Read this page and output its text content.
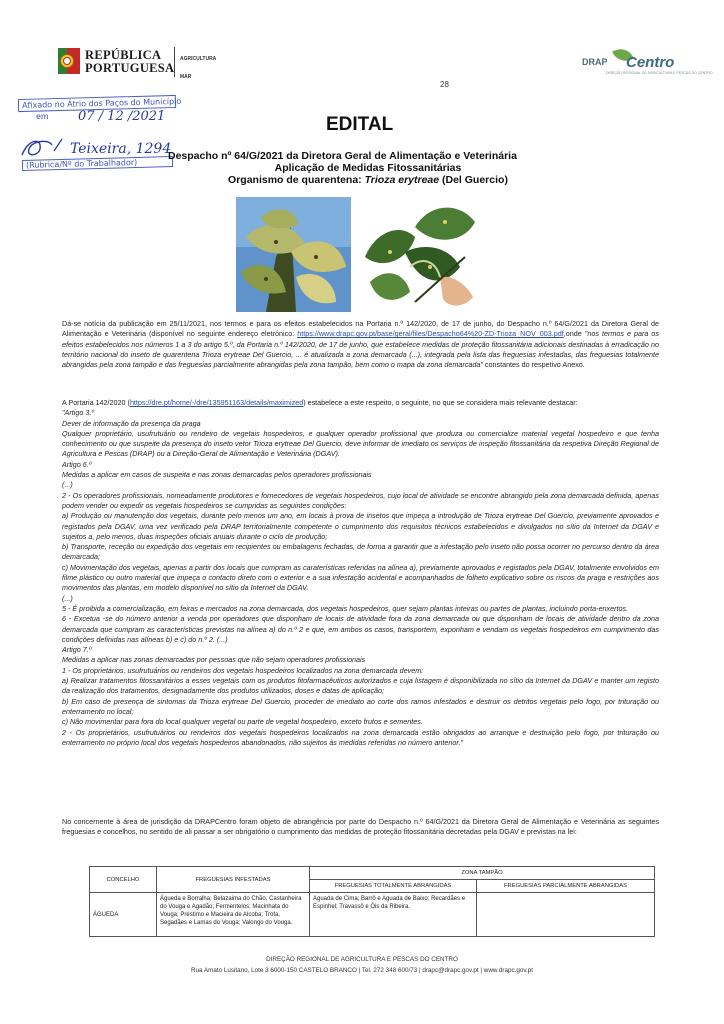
REPÚBLICA
PORTUGUESA
AGRICULTURA
MAR
DRAP Centro
DIREÇÃO REGIONAL DE AGRICULTURA E PESCAS DO CENTRO
28
Afixado no Átrio dos Paços do Município
em 07 / 12 /2021
Teixeira, 1294
(Rubrica/Nº do Trabalhador)
EDITAL
Despacho nº 64/G/2021 da Diretora Geral de Alimentação e Veterinária
Aplicação de Medidas Fitossanitárias
Organismo de quarentena: Trioza erytreae (Del Guercio)

Dá-se notícia da publicação em 25/11/2021, nos termos e para os efeitos estabelecidos na Portaria n.º 142/2020, de 17 de junho, do Despacho n.º 64/G/2021 da Diretora Geral de Alimentação e Veterinária (disponível no seguinte endereço eletrónico: https://www.drapc.gov.pt/base/geral/files/Despacho64%20-ZD-Trioza_NOV_003.pdf,onde "nos termos e para os efeitos estabelecidos nos números 1 a 3 do artigo 5.º, da Portaria n.º 142/2020, de 17 de junho, que estabelece medidas de proteção fitossanitária adicionais destinadas à erradicação no território nacional do inseto de quarentena Trioza erytreae Del Guercio, ... é atualizada a zona demarcada (...), integrada pela lista das freguesias infestadas, das freguesias totalmente abrangidas pela zona tampão e das freguesias parcialmente abrangidas pela zona tampão, bem como o mapa da zona demarcada" constantes do respetivo Anexo.

A Portaria 142/2020 (https://dre.pt/home/-/dre/135951163/details/maximized) estabelece a este respeito, o seguinte, no que se considera mais relevante destacar:

"Artigo 3.º
Dever de informação da presença da praga
Qualquer proprietário, usufrutuário ou rendeiro de vegetais hospedeiros, e qualquer operador profissional que produza ou comercialize material vegetal hospedeiro e que tenha conhecimento ou que suspeite da presença do inseto vetor Trioza erytreae Del Guercio, deve informar de imediato os serviços de inspeção fitossanitária da respetiva Direção Regional de Agricultura e Pescas (DRAP) ou a Direção-Geral de Alimentação e Veterinária (DGAV).
Artigo 6.º
Medidas a aplicar em casos de suspeita e nas zonas demarcadas pelos operadores profissionais
(...)
2 - Os operadores profissionais, nomeadamente produtores e fornecedores de vegetais hospedeiros, cujo local de atividade se encontre abrangido pela zona demarcada definida, apenas podem vender ou expedir os vegetais hospedeiros se cumpridas as seguintes condições:
a) Produção ou manutenção dos vegetais, durante pelo menos um ano, em locais à prova de insetos que impeça a introdução de Trioza erytreae Del Guercio, previamente aprovados e registados pela DGAV, uma vez verificado pela DRAP territorialmente competente o cumprimento dos requisitos técnicos estabelecidos e divulgados no sítio da Internet da DGAV e sujeitos a, pelo menos, duas inspeções oficiais anuais durante o ciclo de produção;
b) Transporte, receção ou expedição dos vegetais em recipientes ou embalagens fechadas, de forma a garantir que a infestação pelo inseto não possa ocorrer no percurso dentro da área demarcada;
c) Movimentação dos vegetais, apenas a partir dos locais que cumpram as caraterísticas referidas na alínea a), previamente aprovados e registados pela DGAV, totalmente envolvidos em filme plástico ou outro material que impeça o contacto direto com o exterior e a sua infestação acidental e acompanhados de folheto explicativo sobre os riscos da praga e restrições aos movimentos das plantas, em modelo disponível no sítio da Internet da DGAV.
(...)
5 - É proibida a comercialização, em feiras e mercados na zona demarcada, dos vegetais hospedeiros, quer sejam plantas inteiras ou partes de plantas, incluindo porta-enxertos.
6 - Excetua -se do número anterior a venda por operadores que disponham de locais de atividade fora da zona demarcada ou que disponham de locais de atividade dentro da zona demarcada que cumpram as características previstas na alínea a) do n.º 2 e que, em ambos os casos, transportem, exponham e vendam os vegetais hospedeiros em cumprimento das condições definidas nas alíneas b) e c) do n.º 2. (...)
Artigo 7.º
Medidas a aplicar nas zonas demarcadas por pessoas que não sejam operadores profissionais
1 - Os proprietários, usufrutuários ou rendeiros dos vegetais hospedeiros localizados na zona demarcada devem:
a) Realizar tratamentos fitossanitários a esses vegetais com os produtos fitofarmacêuticos autorizados e cuja listagem é disponibilizada no sítio da Internet da DGAV e manter um registo da realização dos tratamentos, designadamente dos produtos utilizados, doses e datas de aplicação;
b) Em caso de presença de sintomas da Trioza erytreae Del Guercio, proceder de imediato ao corte dos ramos infestados e destruir os detritos vegetais pelo fogo, por trituração ou enterramento no local;
c) Não movimentar para fora do local qualquer vegetal ou parte de vegetal hospedeiro, exceto frutos e sementes.
2 - Os proprietários, usufrutuários ou rendeiros dos vegetais hospedeiros localizados na zona demarcada estão obrigados ao arranque e destruição pelo fogo, por trituração ou enterramento no próprio local dos vegetais hospedeiros abandonados, não sujeitos às medidas referidas no número anterior."
No concernente à área de jurisdição da DRAPCentro foram objeto de abrangência por parte do Despacho n.º 64/G/2021 da Diretora Geral de Alimentação e Veterinária as seguintes freguesias e concelhos, no sentido de ali passar a ser obrigatório o cumprimento das medidas de proteção fitossanitária decretadas pela DGAV e previstas na lei:
CONCELHO	FREGUESIAS INFESTADAS	ZONA TAMPÃO	
		FREGUESIAS TOTALMENTE ABRANGIDAS	FREGUESIAS PARCIALMENTE ABRANGIDAS
ÁGUEDA	Águeda e Borralha; Belazaima do Chão, Castanheira do Vouga e Agadão; Fermentelos; Macinhata do Vouga; Préstimo e Macieira de Alcoba; Trofa, Segadães e Lamas do Vouga; Valongo do Vouga.	Aguada de Cima; Barrô e Aguada de Baixo; Recardães e Espinhel; Travassô e Óis da Ribeira.	
DIREÇÃO REGIONAL DE AGRICULTURA E PESCAS DO CENTRO
Rua Amato Lusitano, Lote 3 6000-150 CASTELO BRANCO | Tel. 272 348 600/73 | drapc@drapc.gov.pt | www.drapc.gov.pt
